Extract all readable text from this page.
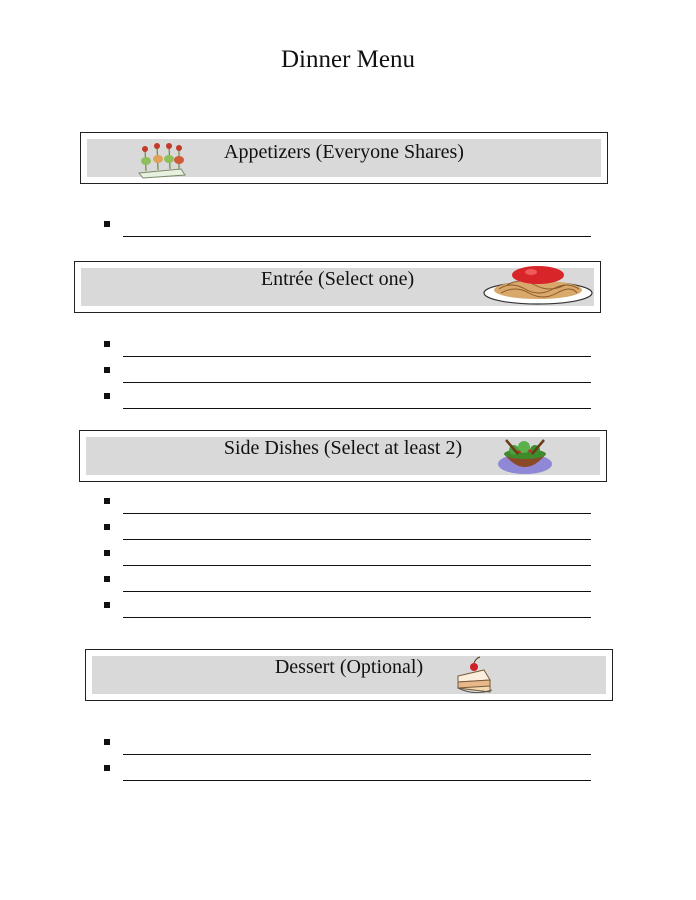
Dinner Menu
Appetizers (Everyone Shares)
Entrée (Select one)
Side Dishes (Select at least 2)
Dessert (Optional)
